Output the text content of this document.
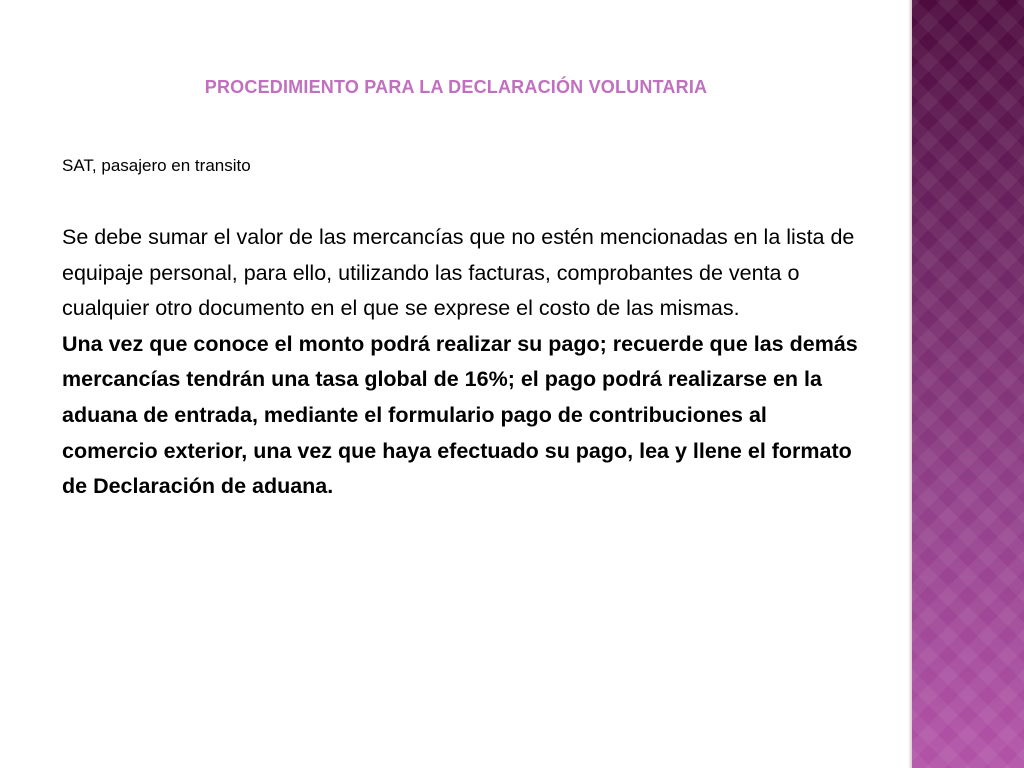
PROCEDIMIENTO PARA LA DECLARACIÓN VOLUNTARIA
SAT, pasajero en transito

Se debe sumar el valor de las mercancías que no estén mencionadas en la lista de equipaje personal, para ello, utilizando las facturas, comprobantes de venta o cualquier otro documento en el que se exprese el costo de las mismas.

Una vez que conoce el monto podrá realizar su pago; recuerde que las demás mercancías tendrán una tasa global de 16%; el pago podrá realizarse en la aduana de entrada, mediante el formulario pago de contribuciones al comercio exterior, una vez que haya efectuado su pago, lea y llene el formato de Declaración de aduana.
